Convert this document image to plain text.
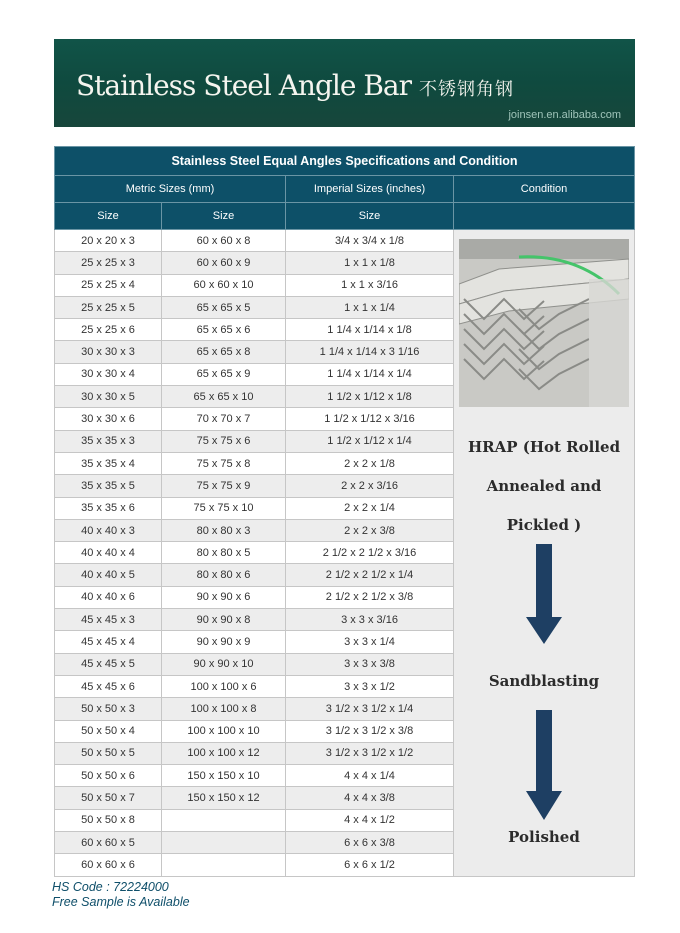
Stainless Steel Angle Bar 不锈钢角钢
joinsen.en.alibaba.com
Stainless Steel Equal Angles Specifications and Condition			
Metric Sizes (mm)		Imperial Sizes (inches)	Condition
Size	Size	Size	
20 x 20 x 3	60 x 60 x 8	3/4 x 3/4 x 1/8	HRAP (Hot Rolled
Annealed and
Pickled )
Sandblasting
Polished

25 x 25 x 3	60 x 60 x 9	1 x 1 x 1/8	
25 x 25 x 4	60 x 60 x 10	1 x 1 x 3/16	
25 x 25 x 5	65 x 65 x 5	1 x 1 x 1/4	
25 x 25 x 6	65 x 65 x 6	1 1/4 x 1/14 x 1/8	
30 x 30 x 3	65 x 65 x 8	1 1/4 x 1/14 x 3 1/16	
30 x 30 x 4	65 x 65 x 9	1 1/4 x 1/14 x 1/4	
30 x 30 x 5	65 x 65 x 10	1 1/2 x 1/12 x 1/8	
30 x 30 x 6	70 x 70 x 7	1 1/2 x 1/12 x 3/16	
35 x 35 x 3	75 x 75 x 6	1 1/2 x 1/12 x 1/4	
35 x 35 x 4	75 x 75 x 8	2 x 2 x 1/8	
35 x 35 x 5	75 x 75 x 9	2 x 2 x 3/16	
35 x 35 x 6	75 x 75 x 10	2 x 2 x 1/4	
40 x 40 x 3	80 x 80 x 3	2 x 2 x 3/8	
40 x 40 x 4	80 x 80 x 5	2 1/2 x 2 1/2 x 3/16	
40 x 40 x 5	80 x 80 x 6	2 1/2 x 2 1/2 x 1/4	
40 x 40 x 6	90 x 90 x 6	2 1/2 x 2 1/2 x 3/8	
45 x 45 x 3	90 x 90 x 8	3 x 3 x 3/16	
45 x 45 x 4	90 x 90 x 9	3 x 3 x 1/4	
45 x 45 x 5	90 x 90 x 10	3 x 3 x 3/8	
45 x 45 x 6	100 x 100 x 6	3 x 3 x 1/2	
50 x 50 x 3	100 x 100 x 8	3 1/2 x 3 1/2 x 1/4	
50 x 50 x 4	100 x 100 x 10	3 1/2 x 3 1/2 x 3/8	
50 x 50 x 5	100 x 100 x 12	3 1/2 x 3 1/2 x 1/2	
50 x 50 x 6	150 x 150 x 10	4 x 4 x 1/4	
50 x 50 x 7	150 x 150 x 12	4 x 4 x 3/8	
50 x 50 x 8		4 x 4 x 1/2	
60 x 60 x 5		6 x 6 x 3/8	
60 x 60 x 6		6 x 6 x 1/2	
HS Code : 72224000
Free Sample is Available
